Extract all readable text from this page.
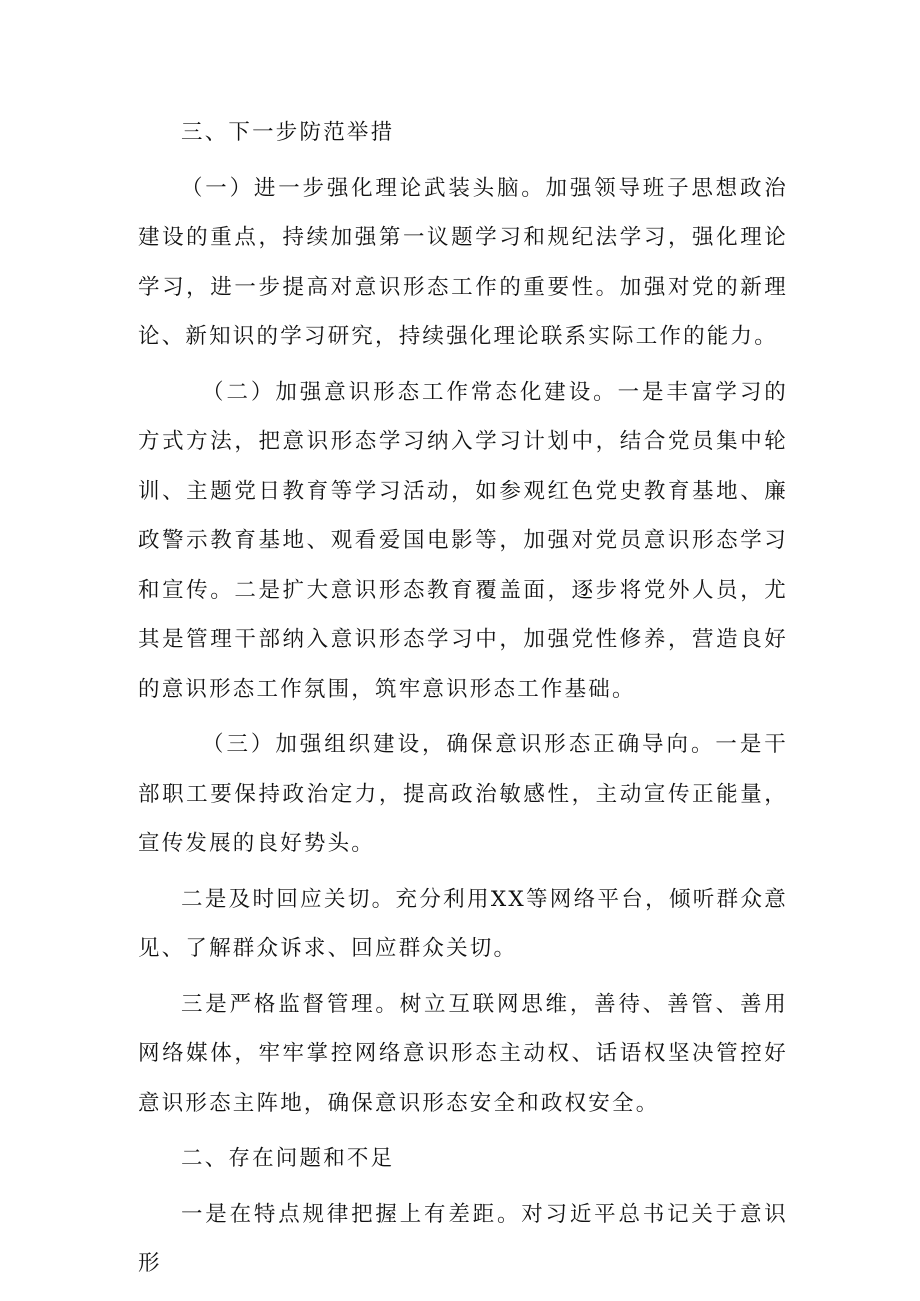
三、下一步防范举措

（一）进一步强化理论武装头脑。加强领导班子思想政治建设的重点，持续加强第一议题学习和规纪法学习，强化理论学习，进一步提高对意识形态工作的重要性。加强对党的新理论、新知识的学习研究，持续强化理论联系实际工作的能力。

（二）加强意识形态工作常态化建设。一是丰富学习的方式方法，把意识形态学习纳入学习计划中，结合党员集中轮训、主题党日教育等学习活动，如参观红色党史教育基地、廉政警示教育基地、观看爱国电影等，加强对党员意识形态学习和宣传。二是扩大意识形态教育覆盖面，逐步将党外人员，尤其是管理干部纳入意识形态学习中，加强党性修养，营造良好的意识形态工作氛围，筑牢意识形态工作基础。

（三）加强组织建设，确保意识形态正确导向。一是干部职工要保持政治定力，提高政治敏感性，主动宣传正能量，宣传发展的良好势头。

二是及时回应关切。充分利用XX等网络平台，倾听群众意见、了解群众诉求、回应群众关切。

三是严格监督管理。树立互联网思维，善待、善管、善用网络媒体，牢牢掌控网络意识形态主动权、话语权坚决管控好意识形态主阵地，确保意识形态安全和政权安全。

二、存在问题和不足

一是在特点规律把握上有差距。对习近平总书记关于意识形
